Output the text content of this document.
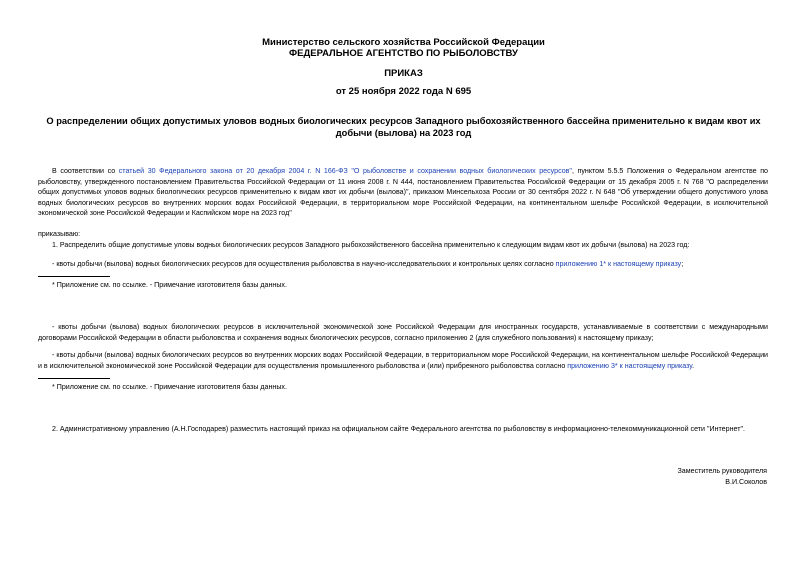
Министерство сельского хозяйства Российской Федерации
ФЕДЕРАЛЬНОЕ АГЕНТСТВО ПО РЫБОЛОВСТВУ
ПРИКАЗ
от 25 ноября 2022 года N 695
О распределении общих допустимых уловов водных биологических ресурсов Западного рыбохозяйственного бассейна применительно к видам квот их добычи (вылова) на 2023 год
В соответствии со статьей 30 Федерального закона от 20 декабря 2004 г. N 166-ФЗ "О рыболовстве и сохранении водных биологических ресурсов", пунктом 5.5.5 Положения о Федеральном агентстве по рыболовству, утвержденного постановлением Правительства Российской Федерации от 11 июня 2008 г. N 444, постановлением Правительства Российской Федерации от 15 декабря 2005 г. N 768 "О распределении общих допустимых уловов водных биологических ресурсов применительно к видам квот их добычи (вылова)", приказом Минсельхоза России от 30 сентября 2022 г. N 648 "Об утверждении общего допустимого улова водных биологических ресурсов во внутренних морских водах Российской Федерации, в территориальном море Российской Федерации, на континентальном шельфе Российской Федерации, в исключительной экономической зоне Российской Федерации и Каспийском море на 2023 год"
приказываю:
1. Распределить общие допустимые уловы водных биологических ресурсов Западного рыбохозяйственного бассейна применительно к следующим видам квот их добычи (вылова) на 2023 год:
- квоты добычи (вылова) водных биологических ресурсов для осуществления рыболовства в научно-исследовательских и контрольных целях согласно приложению 1* к настоящему приказу;
* Приложение см. по ссылке. - Примечание изготовителя базы данных.
- квоты добычи (вылова) водных биологических ресурсов в исключительной экономической зоне Российской Федерации для иностранных государств, устанавливаемые в соответствии с международными договорами Российской Федерации в области рыболовства и сохранения водных биологических ресурсов, согласно приложению 2 (для служебного пользования) к настоящему приказу;
- квоты добычи (вылова) водных биологических ресурсов во внутренних морских водах Российской Федерации, в территориальном море Российской Федерации, на континентальном шельфе Российской Федерации и в исключительной экономической зоне Российской Федерации для осуществления промышленного рыболовства и (или) прибрежного рыболовства согласно приложению 3* к настоящему приказу.
* Приложение см. по ссылке. - Примечание изготовителя базы данных.
2. Административному управлению (А.Н.Господарев) разместить настоящий приказ на официальном сайте Федерального агентства по рыболовству в информационно-телекоммуникационной сети "Интернет".
Заместитель руководителя
В.И.Соколов
